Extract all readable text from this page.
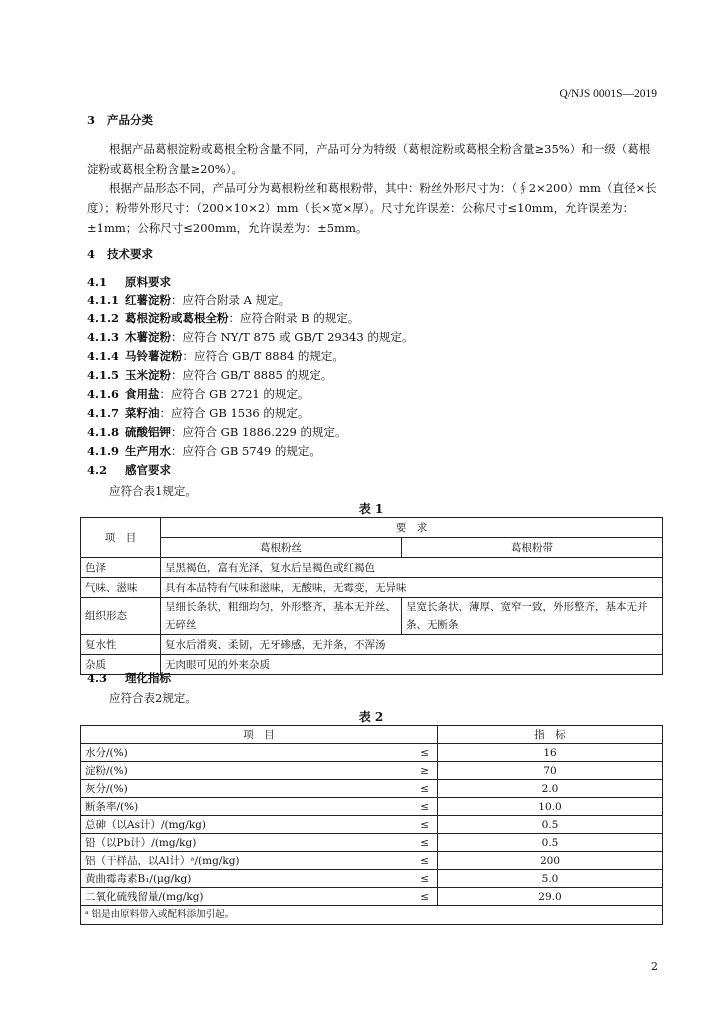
Q/NJS 0001S—2019
3 产品分类
根据产品葛根淀粉或葛根全粉含量不同，产品可分为特级（葛根淀粉或葛根全粉含量≥35%）和一级（葛根淀粉或葛根全粉含量≥20%）。
根据产品形态不同，产品可分为葛根粉丝和葛根粉带，其中：粉丝外形尺寸为：（∮2×200）mm（直径×长度）；粉带外形尺寸：（200×10×2）mm（长×宽×厚）。尺寸允许误差：公称尺寸≤10mm，允许误差为：±1mm；公称尺寸≤200mm，允许误差为：±5mm。
4 技术要求
4.1 原料要求
4.1.1 红薯淀粉：应符合附录 A 规定。
4.1.2 葛根淀粉或葛根全粉：应符合附录 B 的规定。
4.1.3 木薯淀粉：应符合 NY/T 875 或 GB/T 29343 的规定。
4.1.4 马铃薯淀粉：应符合 GB/T 8884 的规定。
4.1.5 玉米淀粉：应符合 GB/T 8885 的规定。
4.1.6 食用盐：应符合 GB 2721 的规定。
4.1.7 菜籽油：应符合 GB 1536 的规定。
4.1.8 硫酸铝钾：应符合 GB 1886.229 的规定。
4.1.9 生产用水：应符合 GB 5749 的规定。
4.2 感官要求
应符合表1规定。
表 1
项　目	要　求	
	葛根粉丝	葛根粉带
色泽	呈黑褐色，富有光泽，复水后呈褐色或红褐色	
气味、滋味	具有本品特有气味和滋味，无酸味，无霉变，无异味	
组织形态	呈细长条状，粗细均匀，外形整齐，基本无并丝、无碎丝	呈宽长条状，薄厚、宽窄一致，外形整齐，基本无并条、无断条
复水性	复水后滑爽、柔韧，无牙碜感，无并条，不浑汤	
杂质	无肉眼可见的外来杂质	
4.3 理化指标
应符合表2规定。
表 2
项　目		指　标
水分/(%)	≤	16
淀粉/(%)	≥	70
灰分/(%)	≤	2.0
断条率/(%)	≤	10.0
总砷（以As计）/(mg/kg)	≤	0.5
铅（以Pb计）/(mg/kg)	≤	0.5
铝（干样品，以Al计）ᵃ/(mg/kg)	≤	200
黄曲霉毒素B₁/(μg/kg)	≤	5.0
二氧化硫残留量/(mg/kg)	≤	29.0
ᵃ 铝是由原料带入或配料添加引起。		
2
